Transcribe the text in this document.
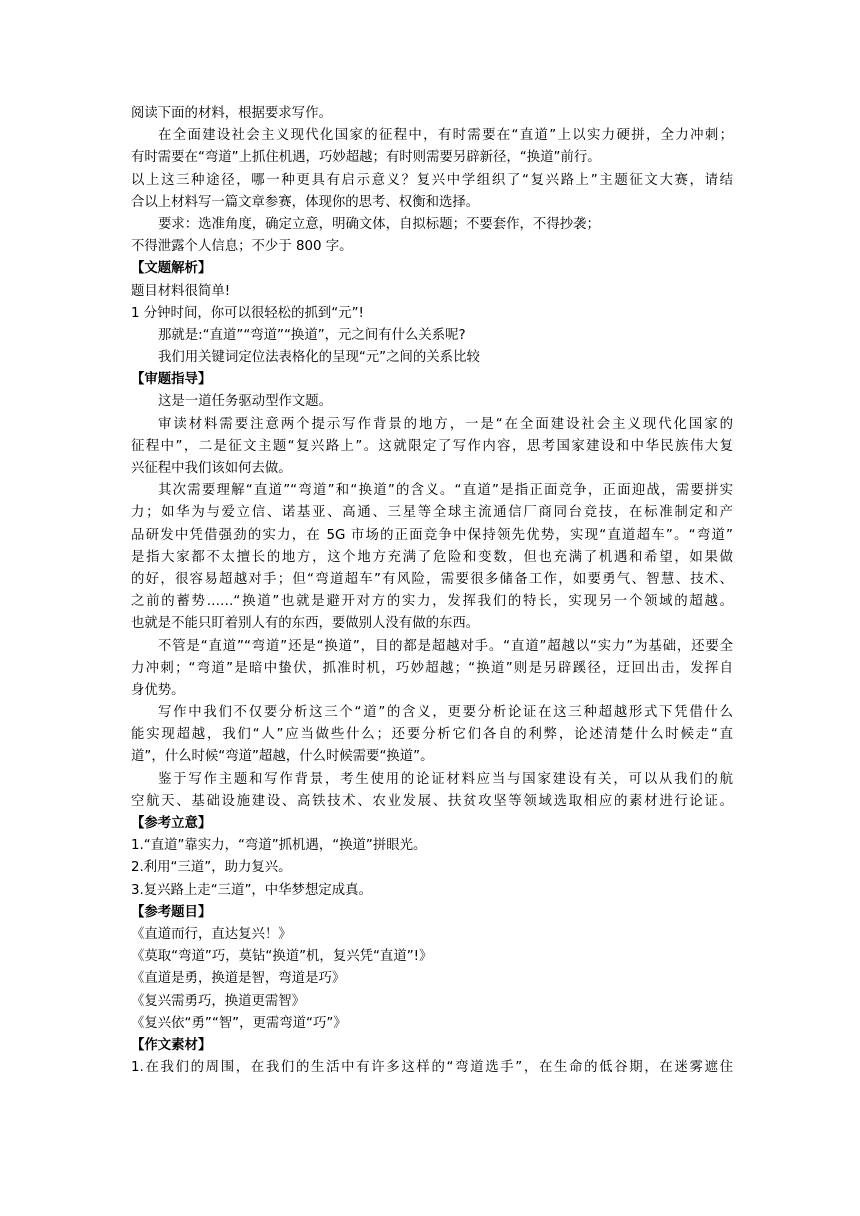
阅读下面的材料，根据要求写作。
在全面建设社会主义现代化国家的征程中，有时需要在“直道”上以实力硬拼，全力冲刺；
有时需要在“弯道”上抓住机遇，巧妙超越；有时则需要另辟新径，“换道”前行。
以上这三种途径，哪一种更具有启示意义？复兴中学组织了“复兴路上”主题征文大赛，请结
合以上材料写一篇文章参赛，体现你的思考、权衡和选择。
要求：选准角度，确定立意，明确文体，自拟标题；不要套作，不得抄袭；
不得泄露个人信息；不少于 800 字。
【文题解析】
题目材料很简单!
1 分钟时间，你可以很轻松的抓到“元”!
那就是:“直道”“弯道”“换道”，元之间有什么关系呢?
我们用关键词定位法表格化的呈现“元”之间的关系比较
【审题指导】
这是一道任务驱动型作文题。
审读材料需要注意两个提示写作背景的地方，一是“在全面建设社会主义现代化国家的
征程中”，二是征文主题“复兴路上”。这就限定了写作内容，思考国家建设和中华民族伟大复
兴征程中我们该如何去做。
其次需要理解“直道”“弯道”和“换道”的含义。“直道”是指正面竞争，正面迎战，需要拼实
力；如华为与爱立信、诺基亚、高通、三星等全球主流通信厂商同台竞技，在标准制定和产
品研发中凭借强劲的实力，在 5G 市场的正面竞争中保持领先优势，实现“直道超车”。“弯道”
是指大家都不太擅长的地方，这个地方充满了危险和变数，但也充满了机遇和希望，如果做
的好，很容易超越对手；但“弯道超车”有风险，需要很多储备工作，如要勇气、智慧、技术、
之前的蓄势……“换道”也就是避开对方的实力，发挥我们的特长，实现另一个领域的超越。
也就是不能只盯着别人有的东西，要做别人没有做的东西。
不管是“直道”“弯道”还是“换道”，目的都是超越对手。“直道”超越以“实力”为基础，还要全
力冲刺；“弯道”是暗中蛰伏，抓准时机，巧妙超越；“换道”则是另辟蹊径，迂回出击，发挥自
身优势。
写作中我们不仅要分析这三个“道”的含义，更要分析论证在这三种超越形式下凭借什么
能实现超越，我们“人”应当做些什么；还要分析它们各自的利弊，论述清楚什么时候走“直
道”，什么时候“弯道”超越，什么时候需要“换道”。
鉴于写作主题和写作背景，考生使用的论证材料应当与国家建设有关，可以从我们的航
空航天、基础设施建设、高铁技术、农业发展、扶贫攻坚等领域选取相应的素材进行论证。
【参考立意】
1.“直道”靠实力，“弯道”抓机遇，“换道”拼眼光。
2.利用“三道”，助力复兴。
3.复兴路上走“三道”，中华梦想定成真。
【参考题目】
《直道而行，直达复兴！》
《莫取“弯道”巧，莫钻“换道”机，复兴凭“直道”!》
《直道是勇，换道是智，弯道是巧》
《复兴需勇巧，换道更需智》
《复兴依“勇”“智”，更需弯道“巧”》
【作文素材】
1.在我们的周围，在我们的生活中有许多这样的“弯道选手”，在生命的低谷期，在迷雾遮住
